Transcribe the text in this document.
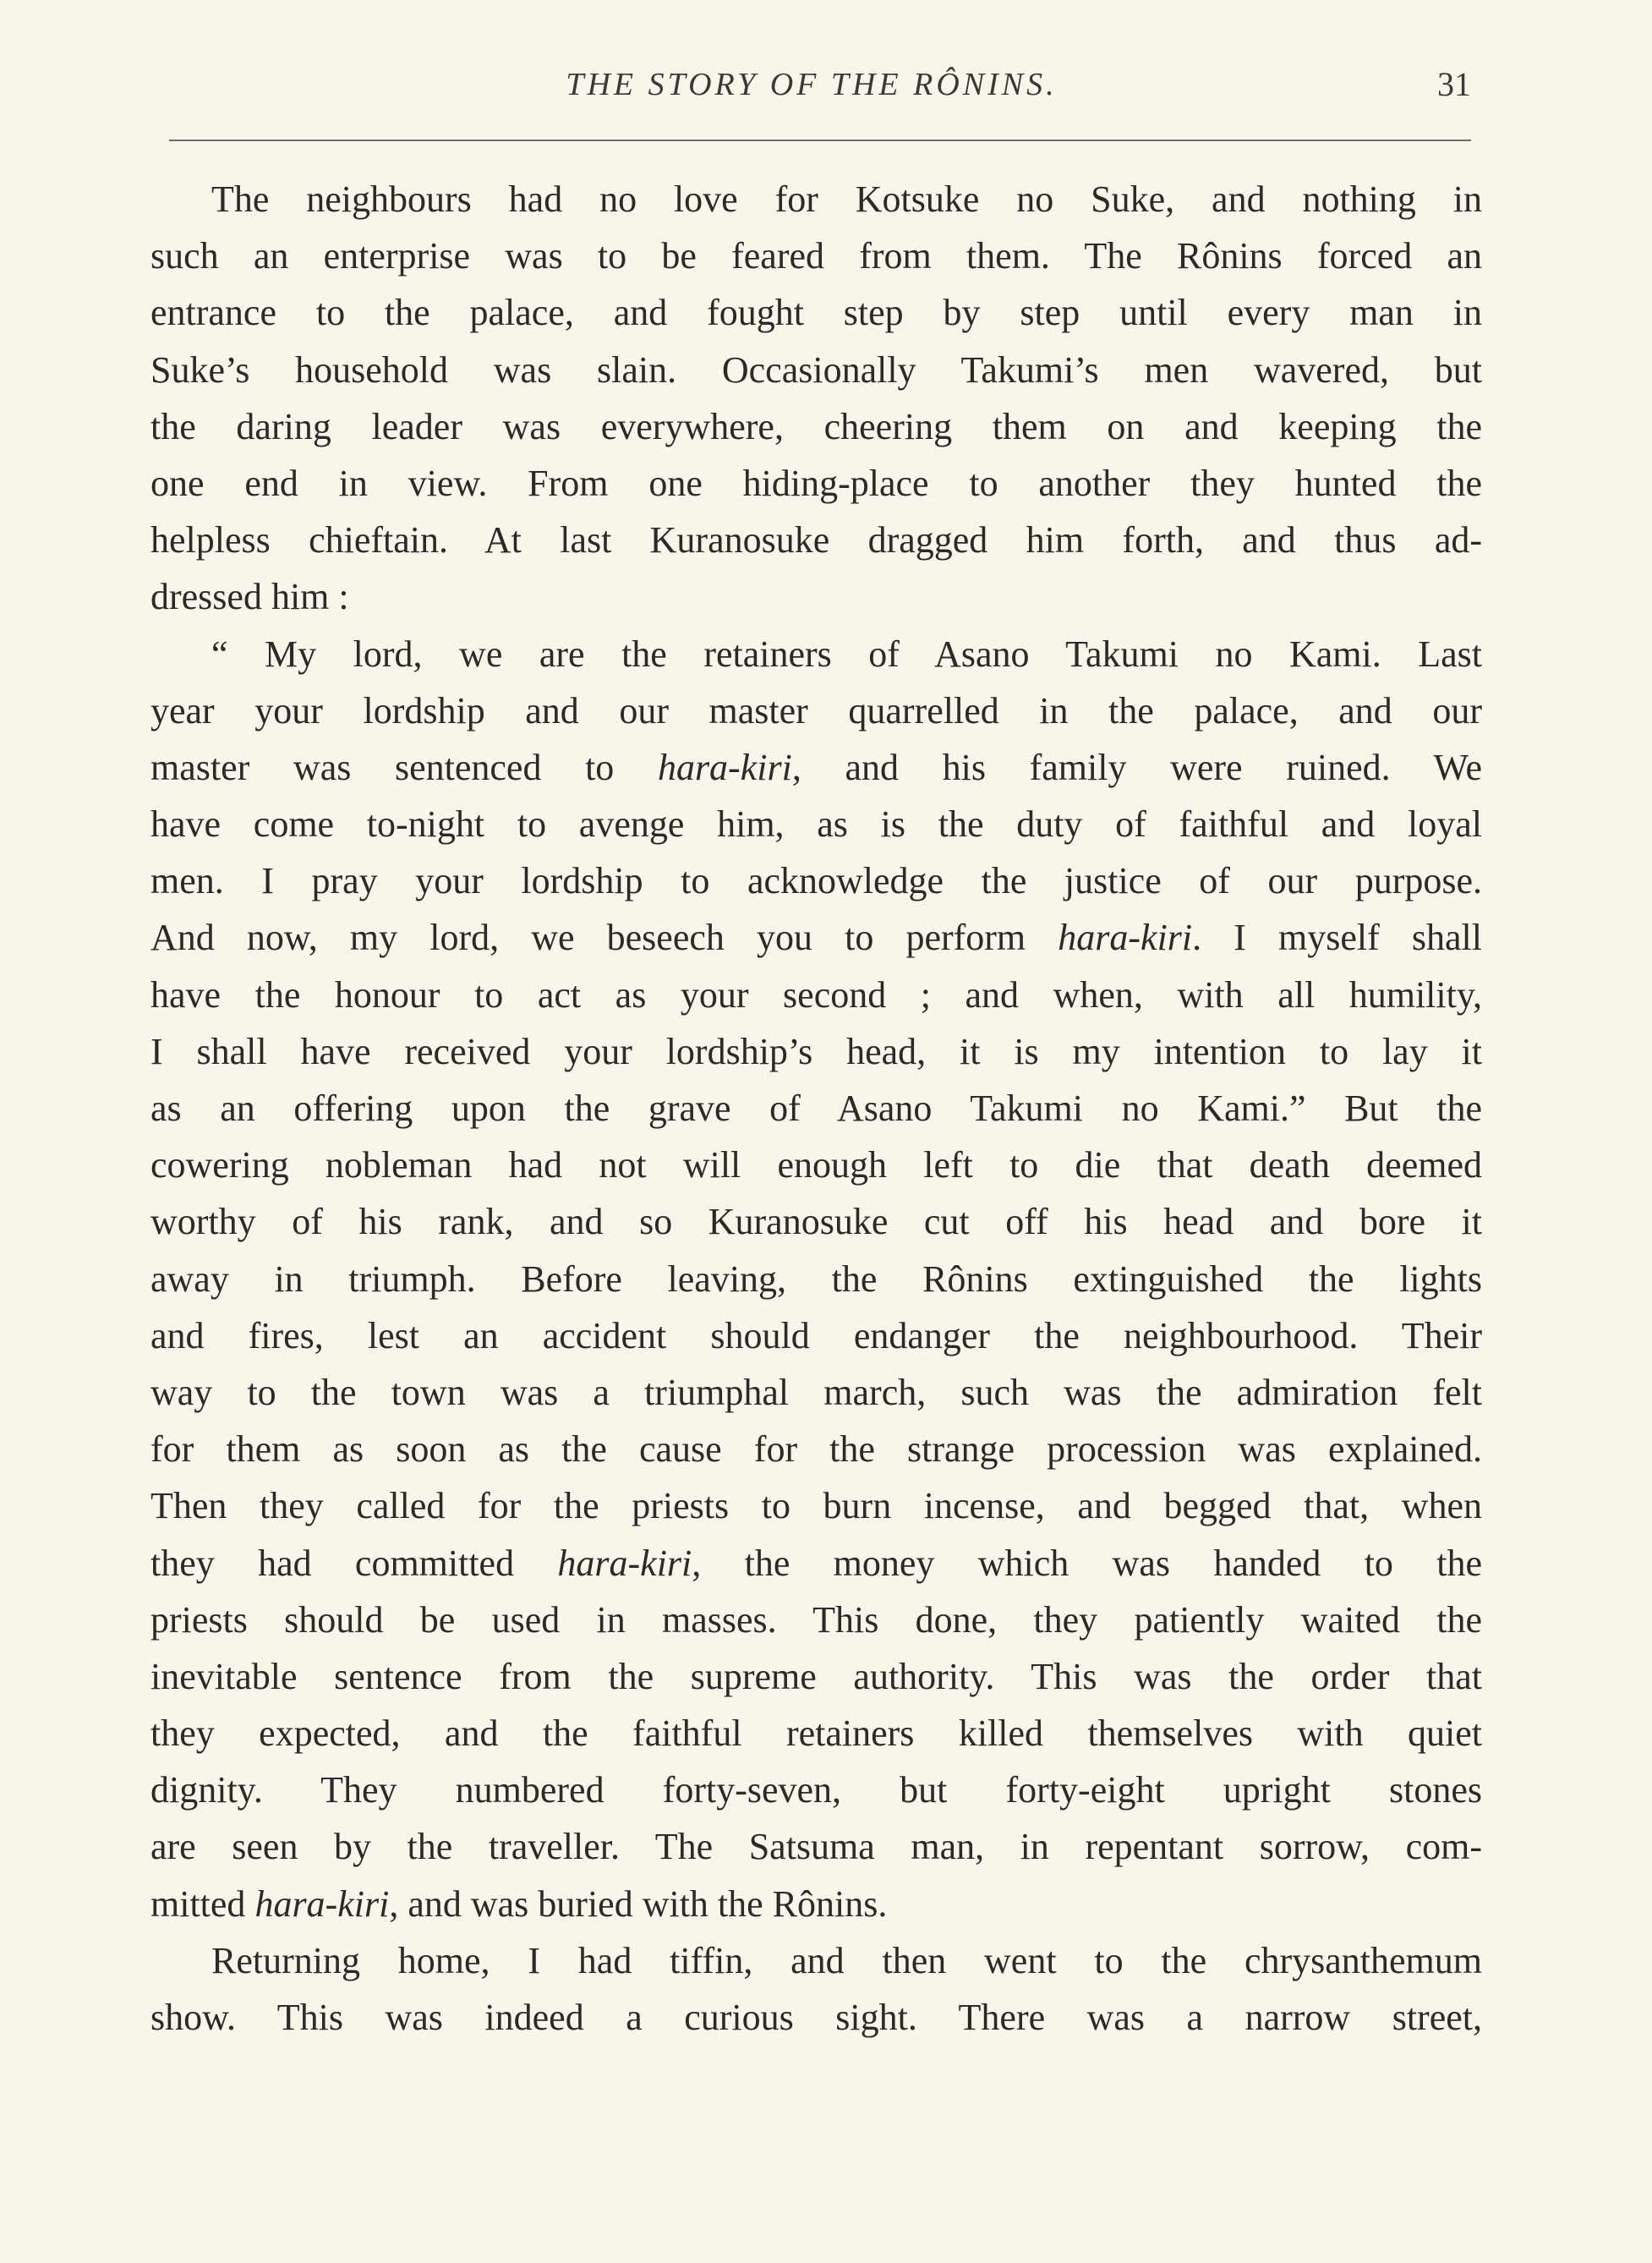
THE STORY OF THE RÔNINS.	31
The neighbours had no love for Kotsuke no Suke, and nothing in
such an enterprise was to be feared from them. The Rônins forced an
entrance to the palace, and fought step by step until every man in
Suke’s household was slain. Occasionally Takumi’s men wavered, but
the daring leader was everywhere, cheering them on and keeping the
one end in view. From one hiding-place to another they hunted the
helpless chieftain. At last Kuranosuke dragged him forth, and thus ad-
dressed him :
“ My lord, we are the retainers of Asano Takumi no Kami. Last
year your lordship and our master quarrelled in the palace, and our
master was sentenced to hara-kiri, and his family were ruined. We
have come to-night to avenge him, as is the duty of faithful and loyal
men. I pray your lordship to acknowledge the justice of our purpose.
And now, my lord, we beseech you to perform hara-kiri. I myself shall
have the honour to act as your second ; and when, with all humility,
I shall have received your lordship’s head, it is my intention to lay it
as an offering upon the grave of Asano Takumi no Kami.” But the
cowering nobleman had not will enough left to die that death deemed
worthy of his rank, and so Kuranosuke cut off his head and bore it
away in triumph. Before leaving, the Rônins extinguished the lights
and fires, lest an accident should endanger the neighbourhood. Their
way to the town was a triumphal march, such was the admiration felt
for them as soon as the cause for the strange procession was explained.
Then they called for the priests to burn incense, and begged that, when
they had committed hara-kiri, the money which was handed to the
priests should be used in masses. This done, they patiently waited the
inevitable sentence from the supreme authority. This was the order that
they expected, and the faithful retainers killed themselves with quiet
dignity. They numbered forty-seven, but forty-eight upright stones
are seen by the traveller. The Satsuma man, in repentant sorrow, com-
mitted hara-kiri, and was buried with the Rônins.
Returning home, I had tiffin, and then went to the chrysanthemum
show. This was indeed a curious sight. There was a narrow street,
